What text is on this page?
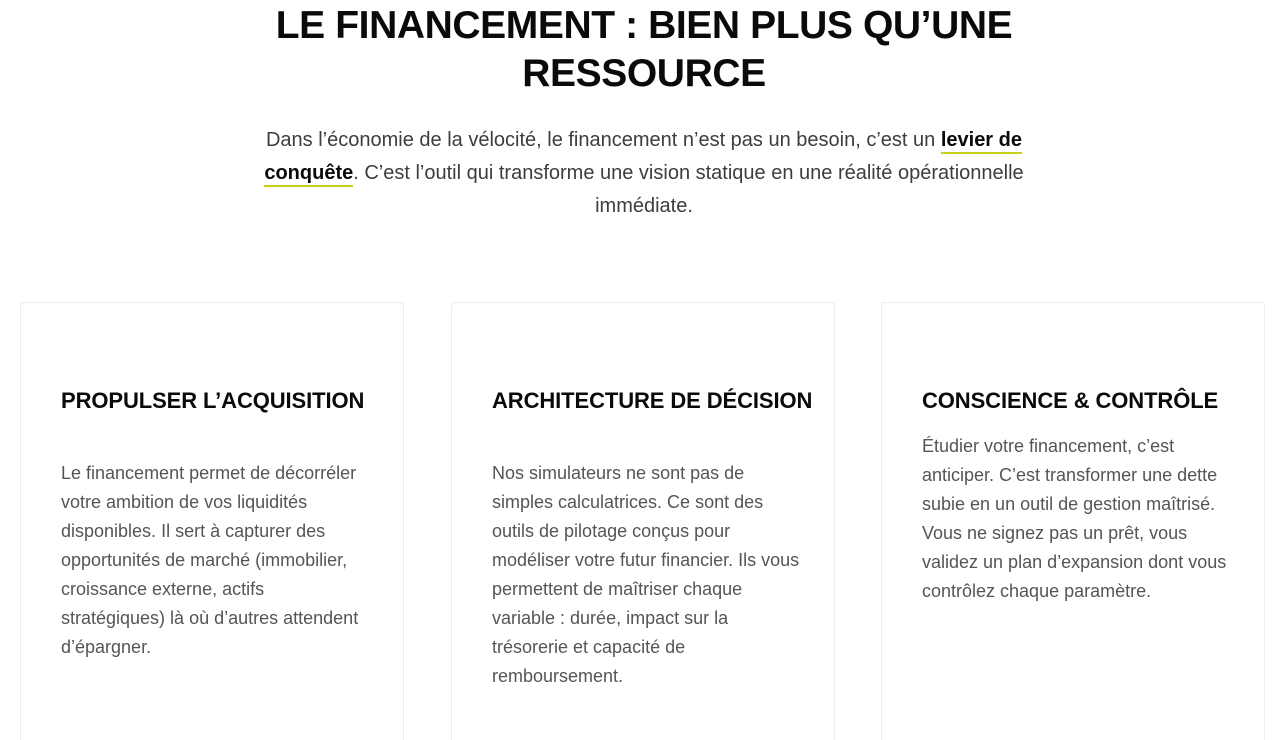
LE FINANCEMENT : BIEN PLUS QU’UNE
RESSOURCE

Dans l’économie de la vélocité, le financement n’est pas un besoin, c’est un levier de conquête. C’est l’outil qui transforme une vision statique en une réalité opérationnelle immédiate.

PROPULSER L’ACQUISITION

Le financement permet de décorréler votre ambition de vos liquidités disponibles. Il sert à capturer des opportunités de marché (immobilier, croissance externe, actifs stratégiques) là où d’autres attendent d’épargner.

ARCHITECTURE DE DÉCISION

Nos simulateurs ne sont pas de simples calculatrices. Ce sont des outils de pilotage conçus pour modéliser votre futur financier. Ils vous permettent de maîtriser chaque variable : durée, impact sur la trésorerie et capacité de remboursement.

CONSCIENCE & CONTRÔLE

Étudier votre financement, c’est anticiper. C’est transformer une dette subie en un outil de gestion maîtrisé. Vous ne signez pas un prêt, vous validez un plan d’expansion dont vous contrôlez chaque paramètre.
